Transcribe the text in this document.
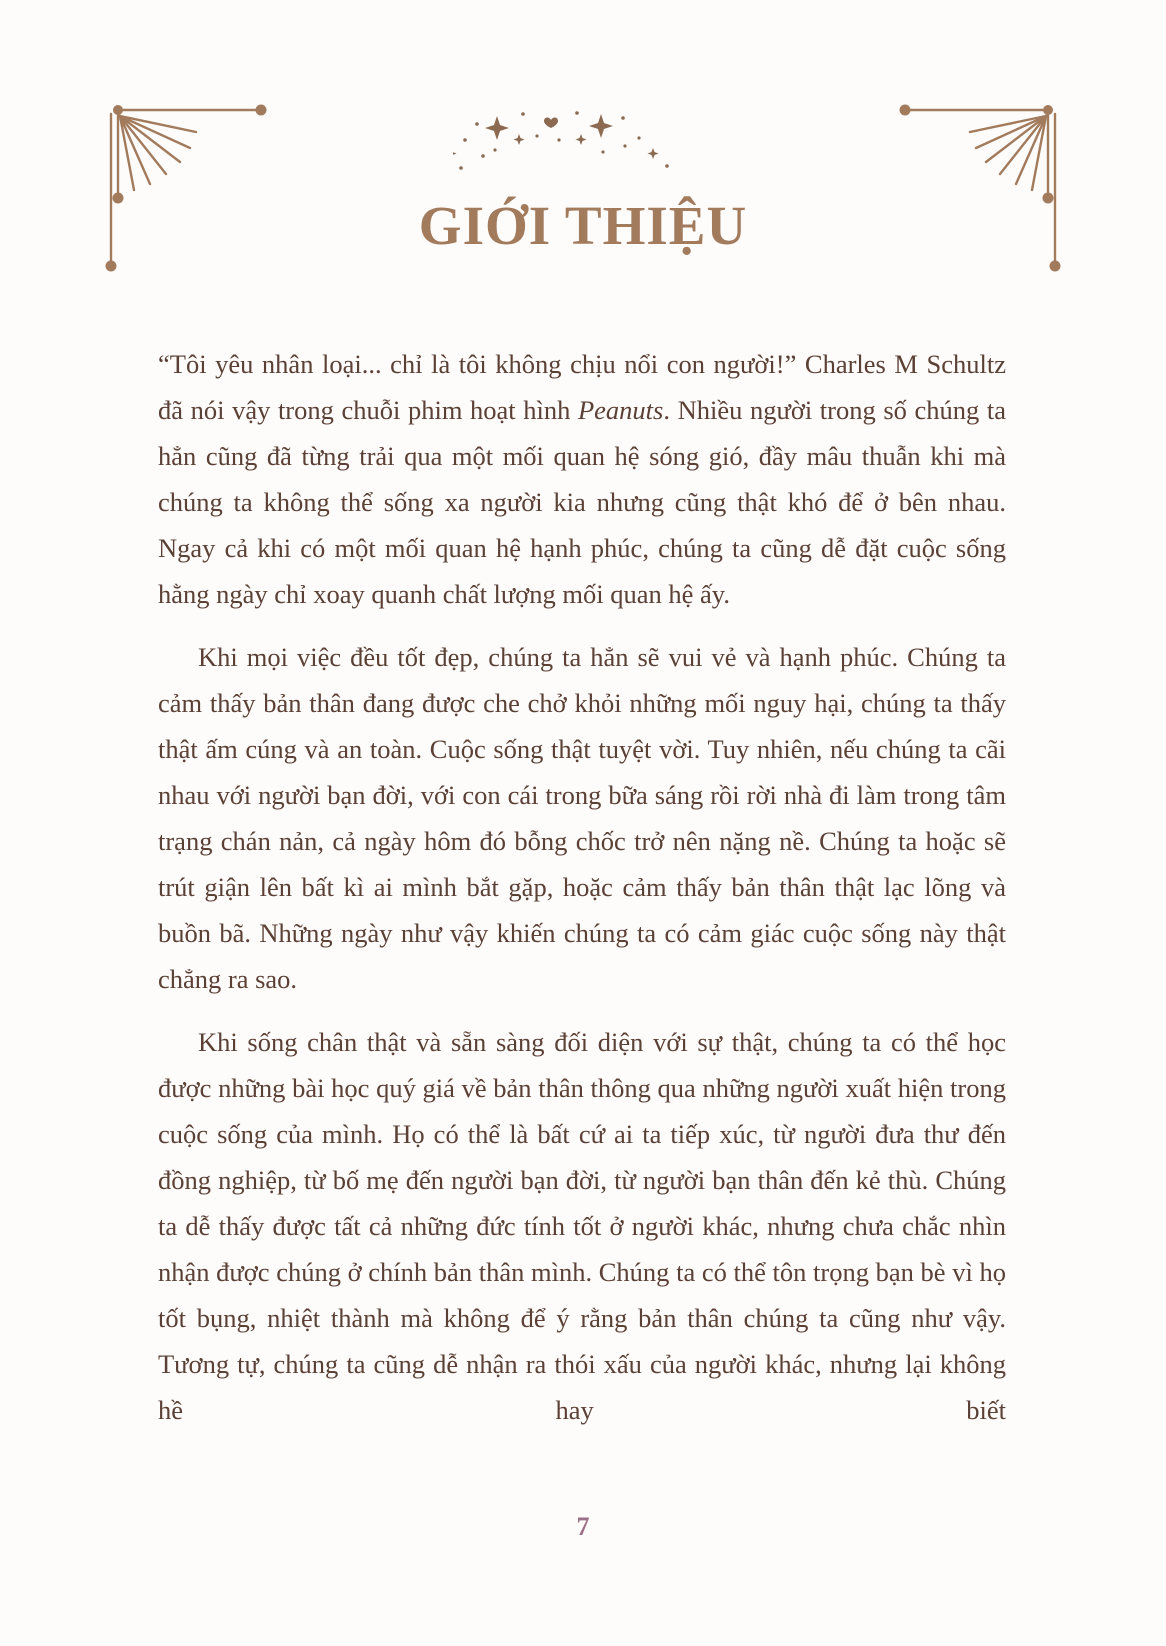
GIỚI THIỆU

“Tôi yêu nhân loại... chỉ là tôi không chịu nổi con người!” Charles M Schultz đã nói vậy trong chuỗi phim hoạt hình Peanuts. Nhiều người trong số chúng ta hẳn cũng đã từng trải qua một mối quan hệ sóng gió, đầy mâu thuẫn khi mà chúng ta không thể sống xa người kia nhưng cũng thật khó để ở bên nhau. Ngay cả khi có một mối quan hệ hạnh phúc, chúng ta cũng dễ đặt cuộc sống hằng ngày chỉ xoay quanh chất lượng mối quan hệ ấy.

Khi mọi việc đều tốt đẹp, chúng ta hẳn sẽ vui vẻ và hạnh phúc. Chúng ta cảm thấy bản thân đang được che chở khỏi những mối nguy hại, chúng ta thấy thật ấm cúng và an toàn. Cuộc sống thật tuyệt vời. Tuy nhiên, nếu chúng ta cãi nhau với người bạn đời, với con cái trong bữa sáng rồi rời nhà đi làm trong tâm trạng chán nản, cả ngày hôm đó bỗng chốc trở nên nặng nề. Chúng ta hoặc sẽ trút giận lên bất kì ai mình bắt gặp, hoặc cảm thấy bản thân thật lạc lõng và buồn bã. Những ngày như vậy khiến chúng ta có cảm giác cuộc sống này thật chẳng ra sao.

Khi sống chân thật và sẵn sàng đối diện với sự thật, chúng ta có thể học được những bài học quý giá về bản thân thông qua những người xuất hiện trong cuộc sống của mình. Họ có thể là bất cứ ai ta tiếp xúc, từ người đưa thư đến đồng nghiệp, từ bố mẹ đến người bạn đời, từ người bạn thân đến kẻ thù. Chúng ta dễ thấy được tất cả những đức tính tốt ở người khác, nhưng chưa chắc nhìn nhận được chúng ở chính bản thân mình. Chúng ta có thể tôn trọng bạn bè vì họ tốt bụng, nhiệt thành mà không để ý rằng bản thân chúng ta cũng như vậy. Tương tự, chúng ta cũng dễ nhận ra thói xấu của người khác, nhưng lại không hề hay biết

7
